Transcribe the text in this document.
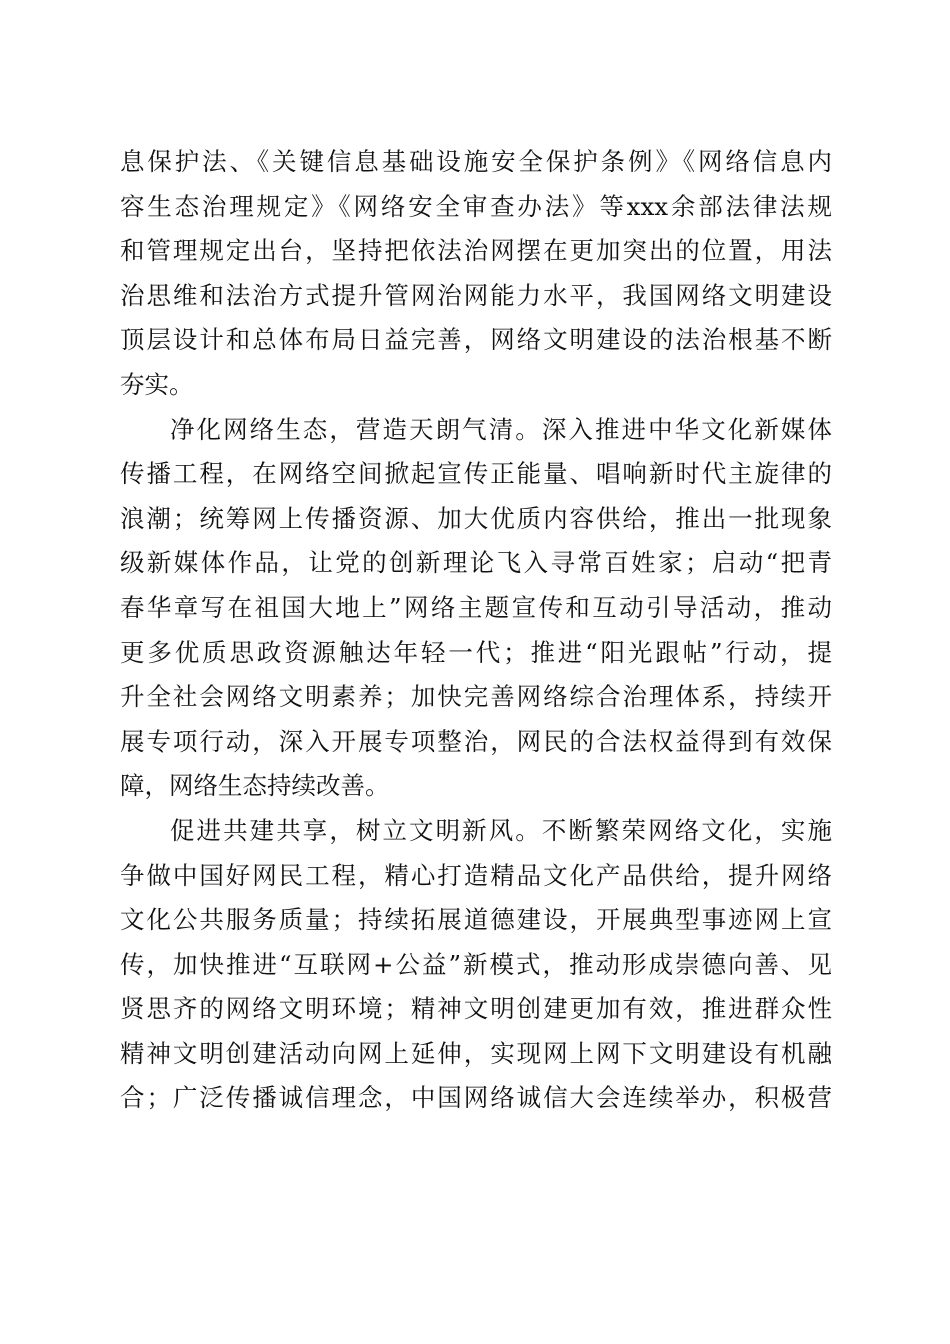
息保护法、《关键信息基础设施安全保护条例》《网络信息内
容生态治理规定》《网络安全审查办法》等xxx余部法律法规
和管理规定出台，坚持把依法治网摆在更加突出的位置，用法
治思维和法治方式提升管网治网能力水平，我国网络文明建设
顶层设计和总体布局日益完善，网络文明建设的法治根基不断
夯实。
净化网络生态，营造天朗气清。深入推进中华文化新媒体
传播工程，在网络空间掀起宣传正能量、唱响新时代主旋律的
浪潮；统筹网上传播资源、加大优质内容供给，推出一批现象
级新媒体作品，让党的创新理论飞入寻常百姓家；启动“把青
春华章写在祖国大地上”网络主题宣传和互动引导活动，推动
更多优质思政资源触达年轻一代；推进“阳光跟帖”行动，提
升全社会网络文明素养；加快完善网络综合治理体系，持续开
展专项行动，深入开展专项整治，网民的合法权益得到有效保
障，网络生态持续改善。
促进共建共享，树立文明新风。不断繁荣网络文化，实施
争做中国好网民工程，精心打造精品文化产品供给，提升网络
文化公共服务质量；持续拓展道德建设，开展典型事迹网上宣
传，加快推进“互联网+公益”新模式，推动形成崇德向善、见
贤思齐的网络文明环境；精神文明创建更加有效，推进群众性
精神文明创建活动向网上延伸，实现网上网下文明建设有机融
合；广泛传播诚信理念，中国网络诚信大会连续举办，积极营
